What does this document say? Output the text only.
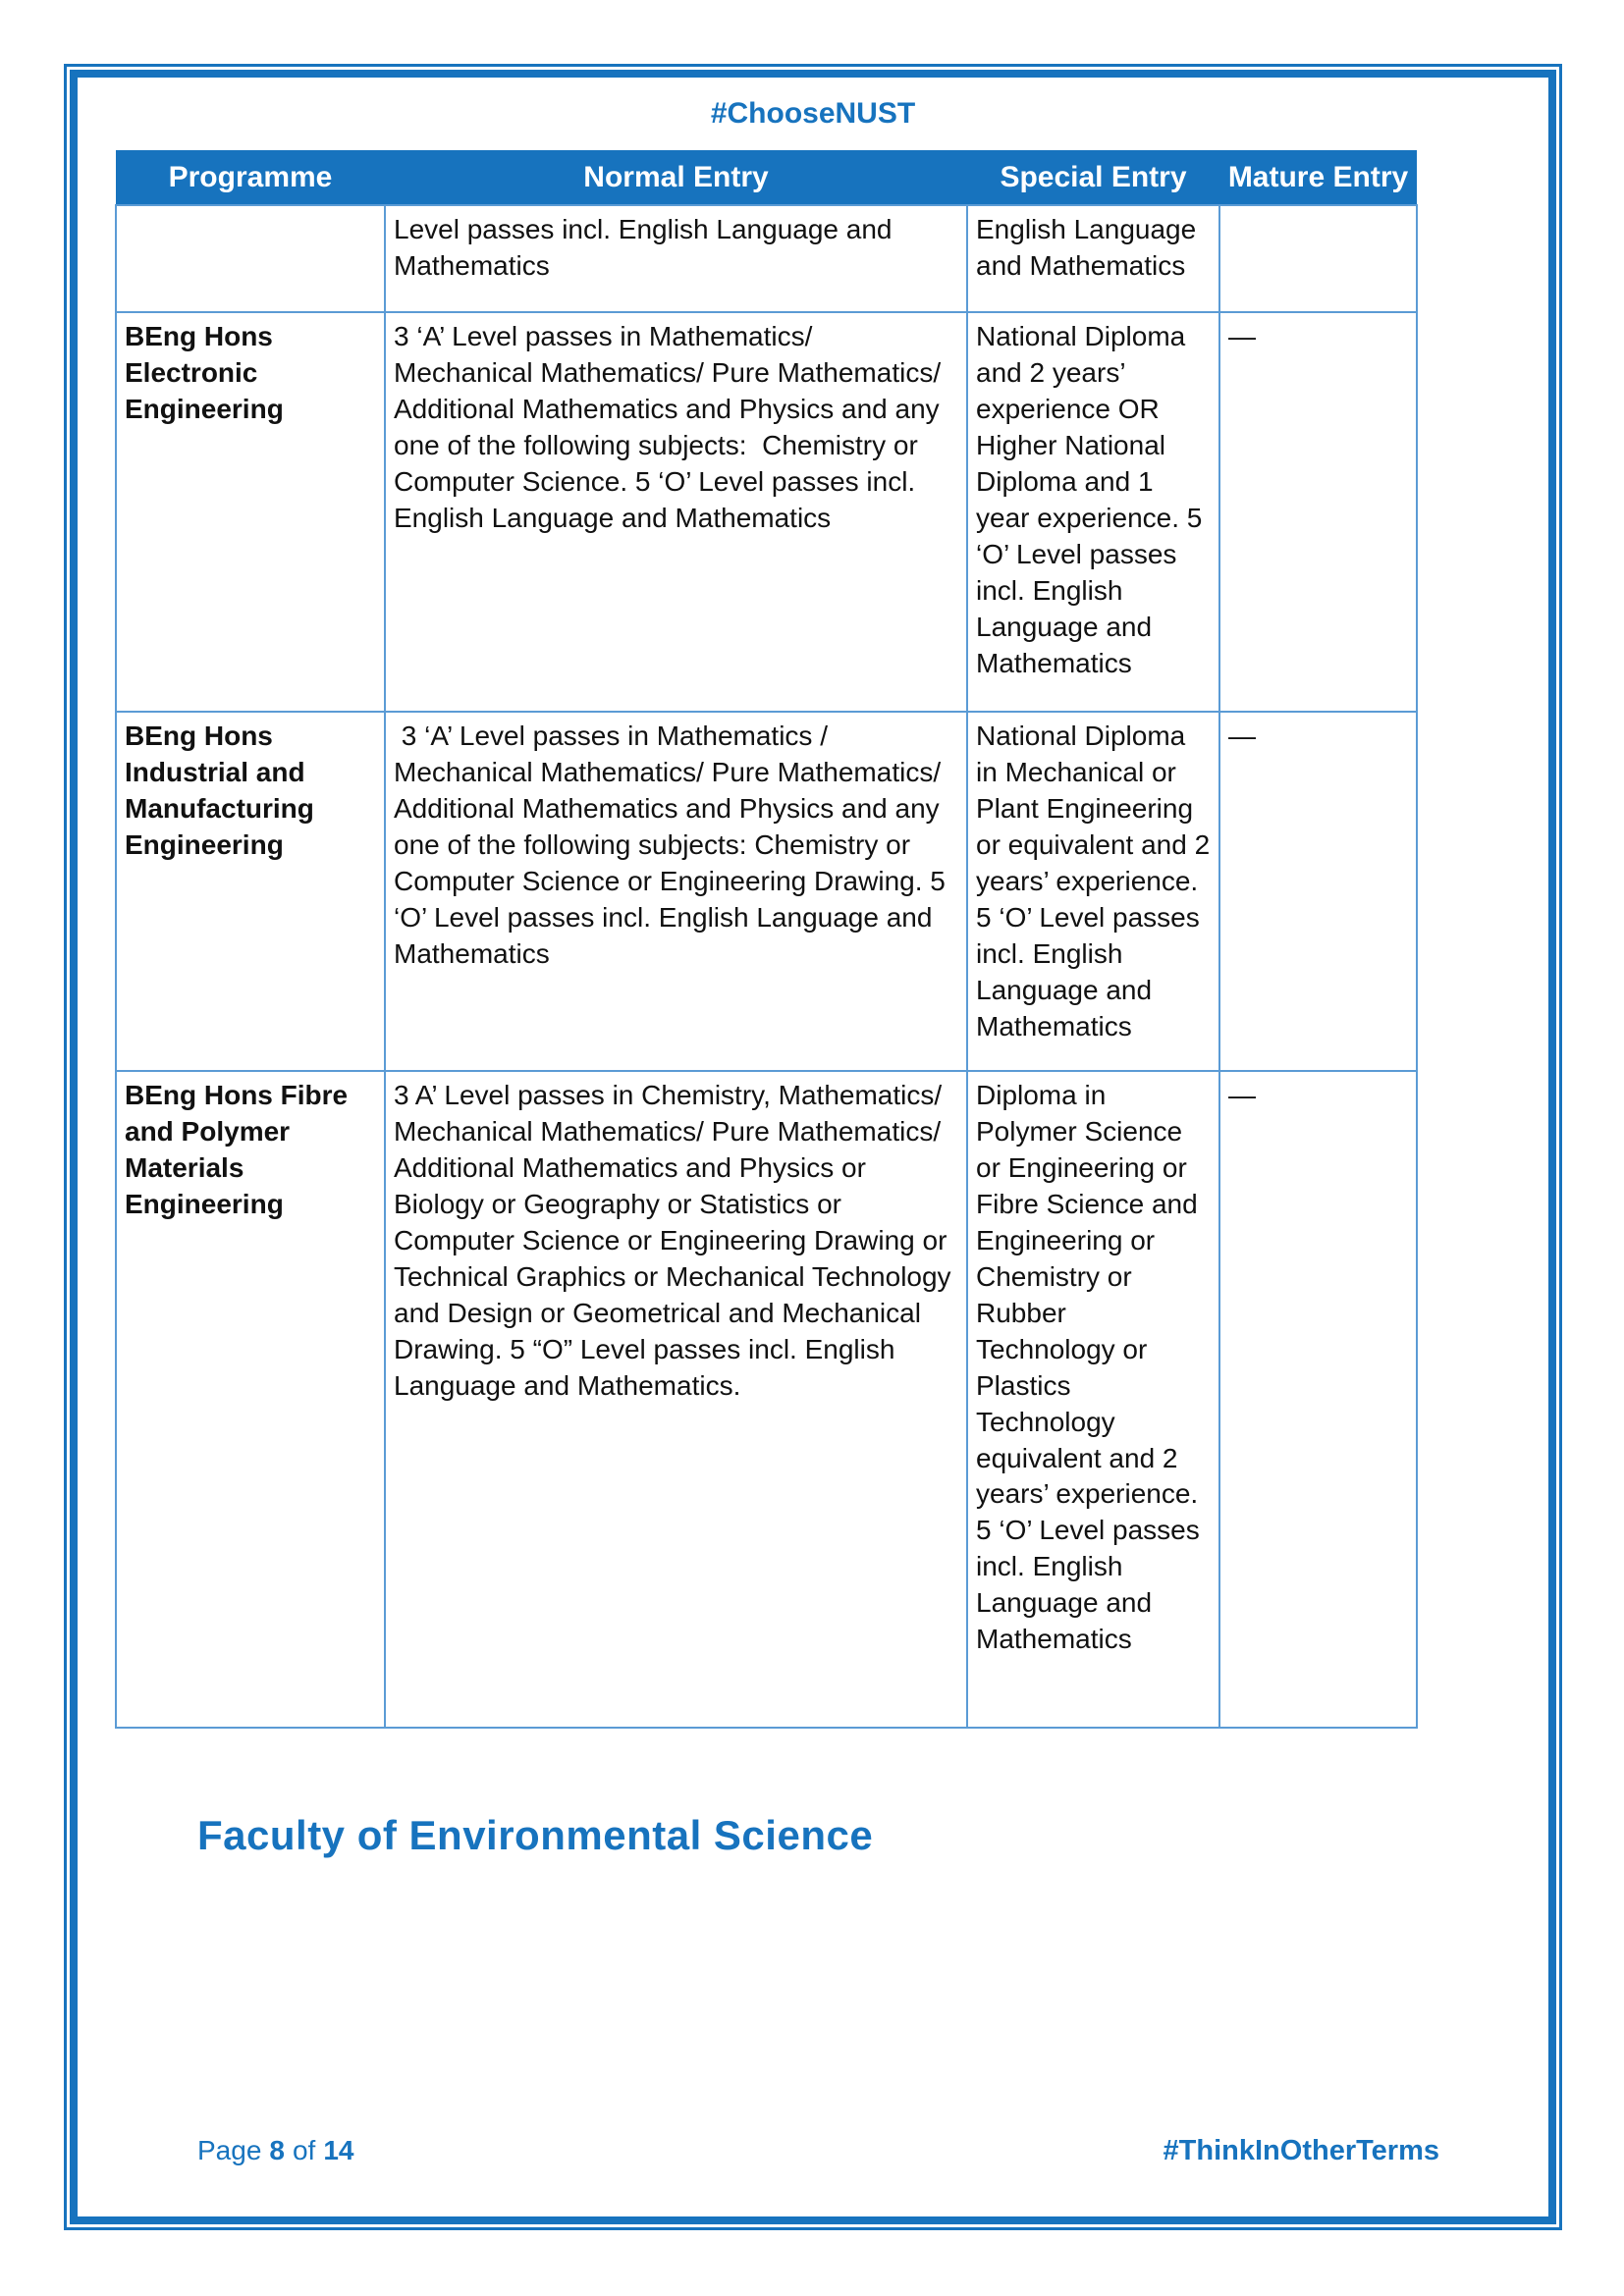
#ChooseNUST
Programme	Normal Entry	Special Entry	Mature Entry
	Level passes incl. English Language and Mathematics	English Language and Mathematics	
BEng Hons Electronic Engineering	3 ‘A’ Level passes in Mathematics/ Mechanical Mathematics/ Pure Mathematics/ Additional Mathematics and Physics and any one of the following subjects:  Chemistry or Computer Science. 5 ‘O’ Level passes incl. English Language and Mathematics	National Diploma and 2 years’ experience OR Higher National Diploma and 1 year experience. 5 ‘O’ Level passes incl. English Language and Mathematics	—
BEng Hons Industrial and Manufacturing Engineering	3 ‘A’ Level passes in Mathematics / Mechanical Mathematics/ Pure Mathematics/ Additional Mathematics and Physics and any one of the following subjects: Chemistry or Computer Science or Engineering Drawing. 5 ‘O’ Level passes incl. English Language and Mathematics	National Diploma in Mechanical or Plant Engineering or equivalent and 2 years’ experience. 5 ‘O’ Level passes incl. English Language and Mathematics	—
BEng Hons Fibre and Polymer Materials Engineering	3 A’ Level passes in Chemistry, Mathematics/ Mechanical Mathematics/ Pure Mathematics/ Additional Mathematics and Physics or Biology or Geography or Statistics or Computer Science or Engineering Drawing or Technical Graphics or Mechanical Technology and Design or Geometrical and Mechanical Drawing. 5 “O” Level passes incl. English Language and Mathematics.	Diploma in Polymer Science or Engineering or Fibre Science and Engineering or Chemistry or Rubber Technology or Plastics Technology equivalent and 2 years’ experience. 5 ‘O’ Level passes incl. English Language and Mathematics	—
Faculty of Environmental Science
Page 8 of 14	#ThinkInOtherTerms
